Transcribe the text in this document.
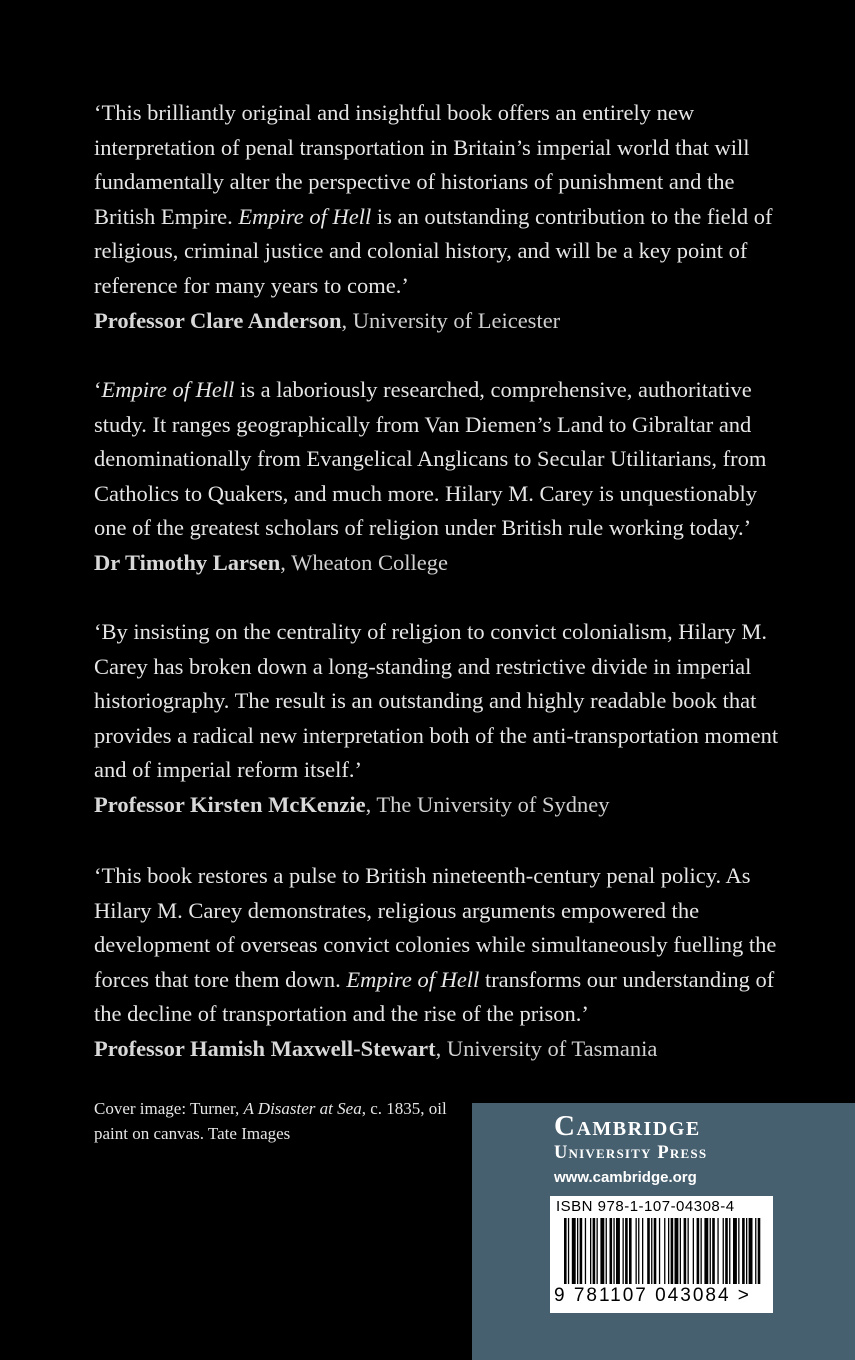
‘This brilliantly original and insightful book offers an entirely new interpretation of penal transportation in Britain’s imperial world that will fundamentally alter the perspective of historians of punishment and the British Empire. Empire of Hell is an outstanding contribution to the field of religious, criminal justice and colonial history, and will be a key point of reference for many years to come.’

Professor Clare Anderson, University of Leicester

‘Empire of Hell is a laboriously researched, comprehensive, authoritative study. It ranges geographically from Van Diemen’s Land to Gibraltar and denominationally from Evangelical Anglicans to Secular Utilitarians, from Catholics to Quakers, and much more. Hilary M. Carey is unquestionably one of the greatest scholars of religion under British rule working today.’

Dr Timothy Larsen, Wheaton College

‘By insisting on the centrality of religion to convict colonialism, Hilary M. Carey has broken down a long-standing and restrictive divide in imperial historiography. The result is an outstanding and highly readable book that provides a radical new interpretation both of the anti-transportation moment and of imperial reform itself.’

Professor Kirsten McKenzie, The University of Sydney

‘This book restores a pulse to British nineteenth-century penal policy. As Hilary M. Carey demonstrates, religious arguments empowered the development of overseas convict colonies while simultaneously fuelling the forces that tore them down. Empire of Hell transforms our understanding of the decline of transportation and the rise of the prison.’

Professor Hamish Maxwell-Stewart, University of Tasmania

Cover image: Turner, A Disaster at Sea, c. 1835, oil paint on canvas. Tate Images	Cambridge
University Press
www.cambridge.org
ISBN 978-1-107-04308-4
9 781107 043084 >
